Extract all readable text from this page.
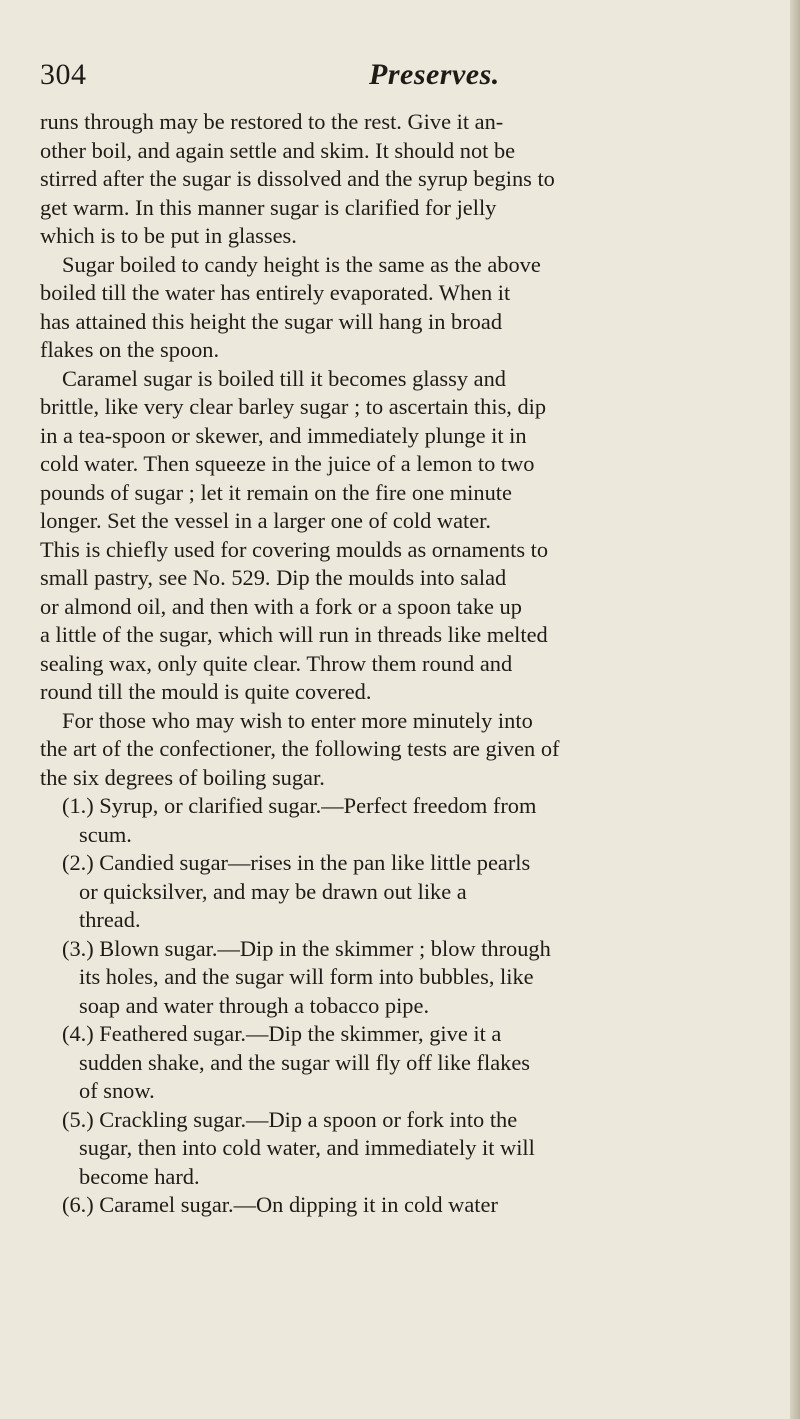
304	Preserves.
runs through may be restored to the rest. Give it an-
other boil, and again settle and skim. It should not be
stirred after the sugar is dissolved and the syrup begins to
get warm. In this manner sugar is clarified for jelly
which is to be put in glasses.
Sugar boiled to candy height is the same as the above
boiled till the water has entirely evaporated. When it
has attained this height the sugar will hang in broad
flakes on the spoon.
Caramel sugar is boiled till it becomes glassy and
brittle, like very clear barley sugar ; to ascertain this, dip
in a tea-spoon or skewer, and immediately plunge it in
cold water. Then squeeze in the juice of a lemon to two
pounds of sugar ; let it remain on the fire one minute
longer. Set the vessel in a larger one of cold water.
This is chiefly used for covering moulds as ornaments to
small pastry, see No. 529. Dip the moulds into salad
or almond oil, and then with a fork or a spoon take up
a little of the sugar, which will run in threads like melted
sealing wax, only quite clear. Throw them round and
round till the mould is quite covered.
For those who may wish to enter more minutely into
the art of the confectioner, the following tests are given of
the six degrees of boiling sugar.
(1.) Syrup, or clarified sugar.—Perfect freedom from
scum.
(2.) Candied sugar—rises in the pan like little pearls
or quicksilver, and may be drawn out like a
thread.
(3.) Blown sugar.—Dip in the skimmer ; blow through
its holes, and the sugar will form into bubbles, like
soap and water through a tobacco pipe.
(4.) Feathered sugar.—Dip the skimmer, give it a
sudden shake, and the sugar will fly off like flakes
of snow.
(5.) Crackling sugar.—Dip a spoon or fork into the
sugar, then into cold water, and immediately it will
become hard.
(6.) Caramel sugar.—On dipping it in cold water
